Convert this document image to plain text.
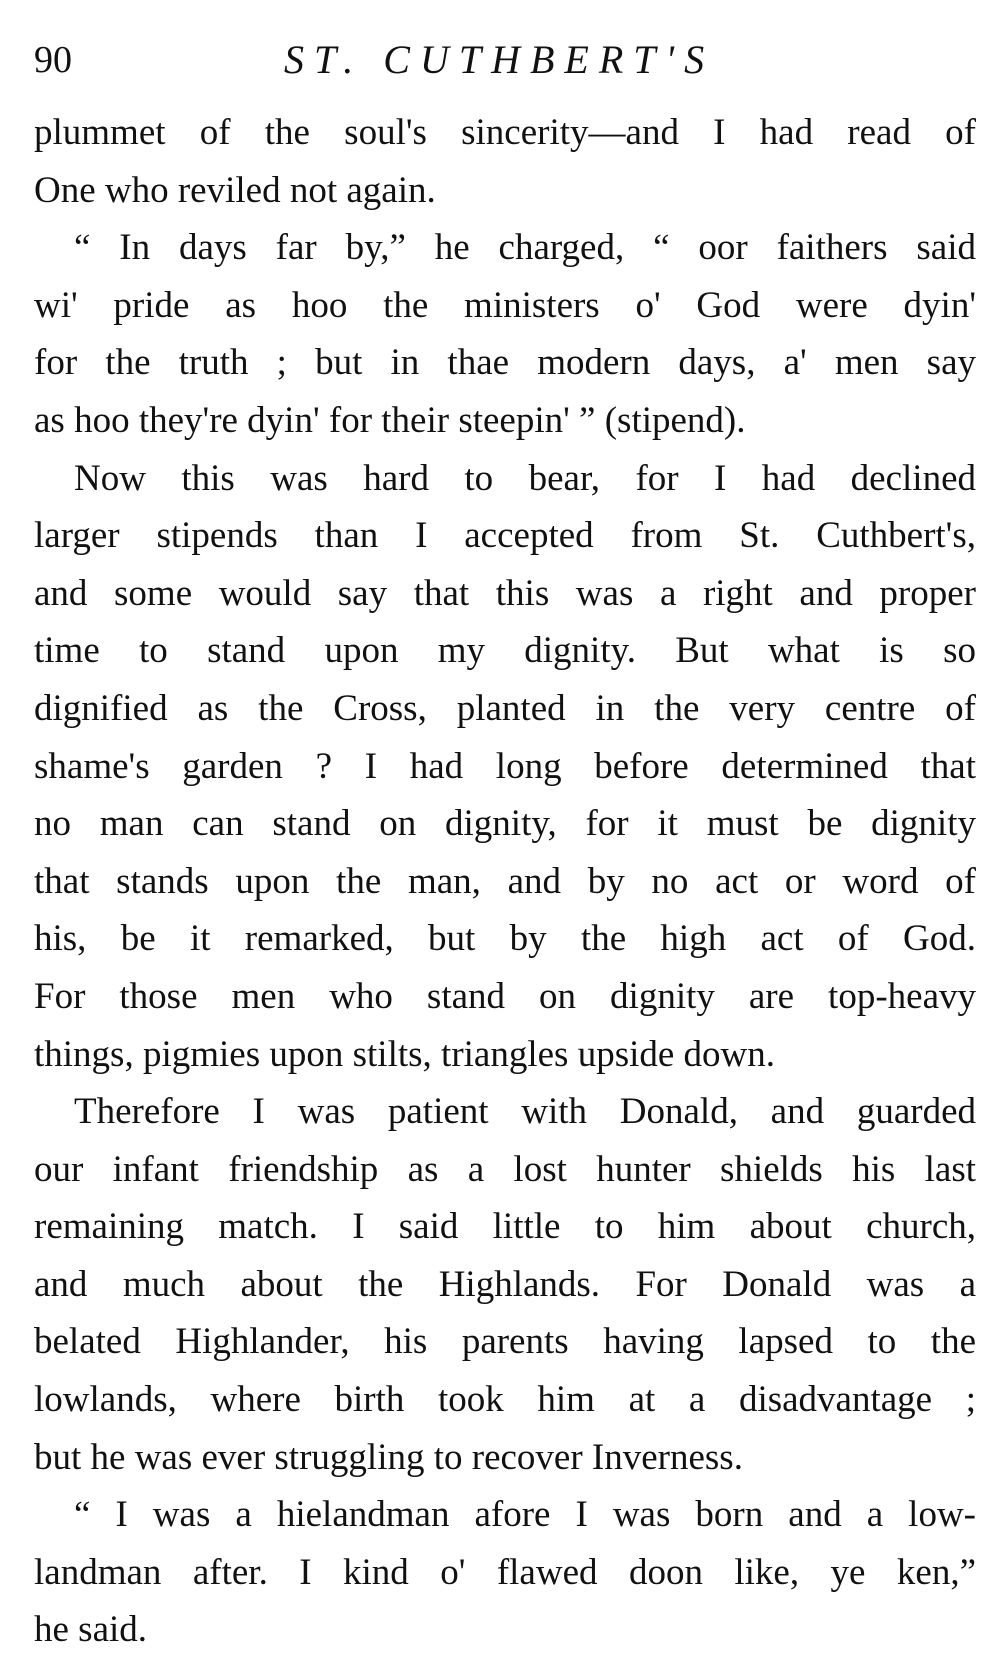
90	ST. CUTHBERT'S

plummet of the soul's sincerity—and I had read of
One who reviled not again.

“ In days far by,” he charged, “ oor faithers said
wi' pride as hoo the ministers o' God were dyin'
for the truth ; but in thae modern days, a' men say
as hoo they're dyin' for their steepin' ” (stipend).

Now this was hard to bear, for I had declined
larger stipends than I accepted from St. Cuthbert's,
and some would say that this was a right and proper
time to stand upon my dignity. But what is so
dignified as the Cross, planted in the very centre of
shame's garden ? I had long before determined that
no man can stand on dignity, for it must be dignity
that stands upon the man, and by no act or word of
his, be it remarked, but by the high act of God.
For those men who stand on dignity are top-heavy
things, pigmies upon stilts, triangles upside down.

Therefore I was patient with Donald, and guarded
our infant friendship as a lost hunter shields his last
remaining match. I said little to him about church,
and much about the Highlands. For Donald was a
belated Highlander, his parents having lapsed to the
lowlands, where birth took him at a disadvantage ;
but he was ever struggling to recover Inverness.

“ I was a hielandman afore I was born and a low-
landman after. I kind o' flawed doon like, ye ken,”
he said.
